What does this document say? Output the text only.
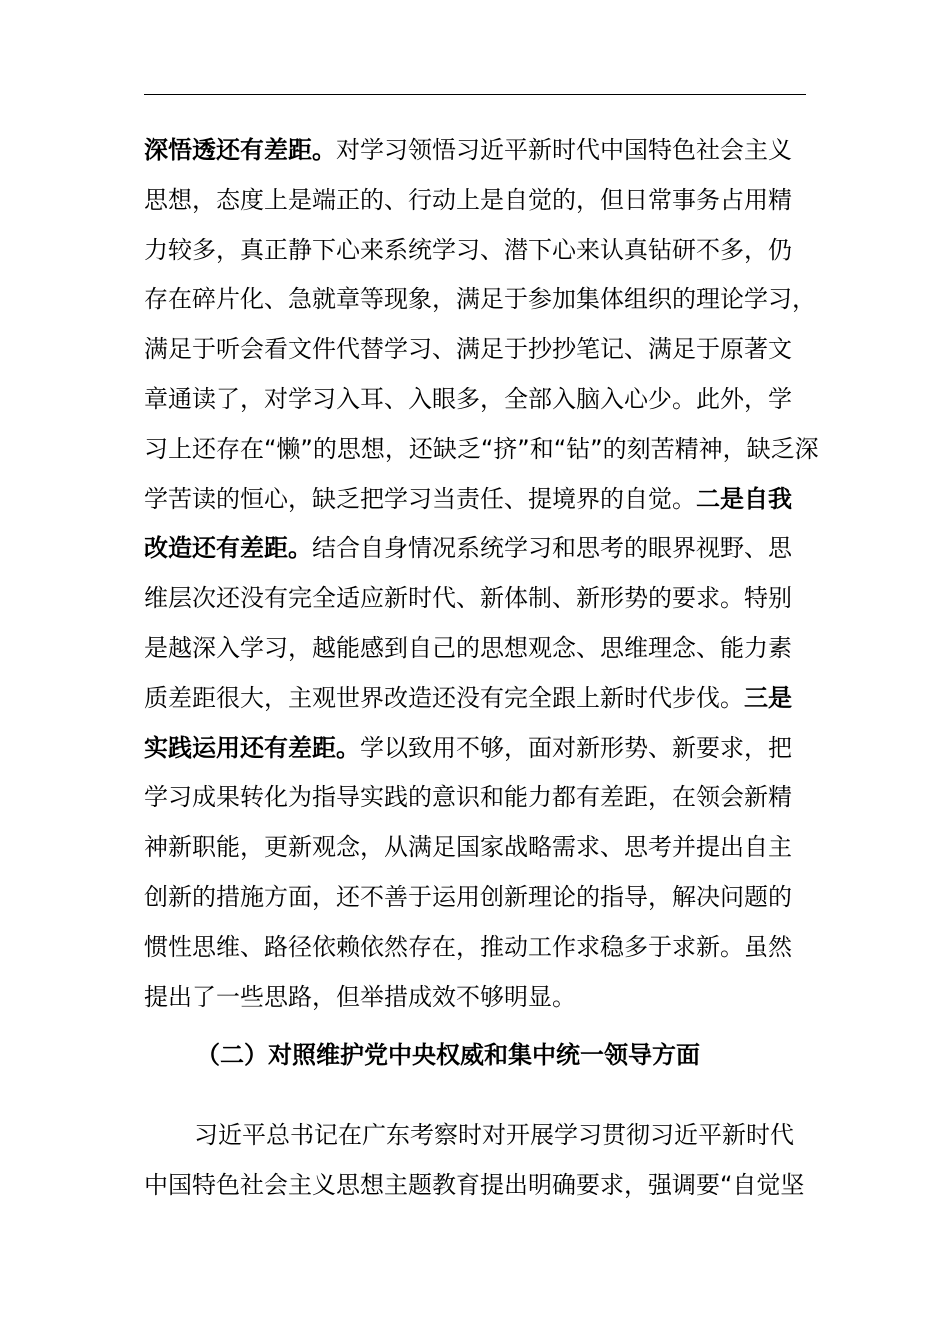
深悟透还有差距。对学习领悟习近平新时代中国特色社会主义
思想，态度上是端正的、行动上是自觉的，但日常事务占用精
力较多，真正静下心来系统学习、潜下心来认真钻研不多，仍
存在碎片化、急就章等现象，满足于参加集体组织的理论学习，
满足于听会看文件代替学习、满足于抄抄笔记、满足于原著文
章通读了，对学习入耳、入眼多，全部入脑入心少。此外，学
习上还存在“懒”的思想，还缺乏“挤”和“钻”的刻苦精神，缺乏深
学苦读的恒心，缺乏把学习当责任、提境界的自觉。二是自我
改造还有差距。结合自身情况系统学习和思考的眼界视野、思
维层次还没有完全适应新时代、新体制、新形势的要求。特别
是越深入学习，越能感到自己的思想观念、思维理念、能力素
质差距很大，主观世界改造还没有完全跟上新时代步伐。三是
实践运用还有差距。学以致用不够，面对新形势、新要求，把
学习成果转化为指导实践的意识和能力都有差距，在领会新精
神新职能，更新观念，从满足国家战略需求、思考并提出自主
创新的措施方面，还不善于运用创新理论的指导，解决问题的
惯性思维、路径依赖依然存在，推动工作求稳多于求新。虽然
提出了一些思路，但举措成效不够明显。
（二）对照维护党中央权威和集中统一领导方面
习近平总书记在广东考察时对开展学习贯彻习近平新时代
中国特色社会主义思想主题教育提出明确要求，强调要“自觉坚
